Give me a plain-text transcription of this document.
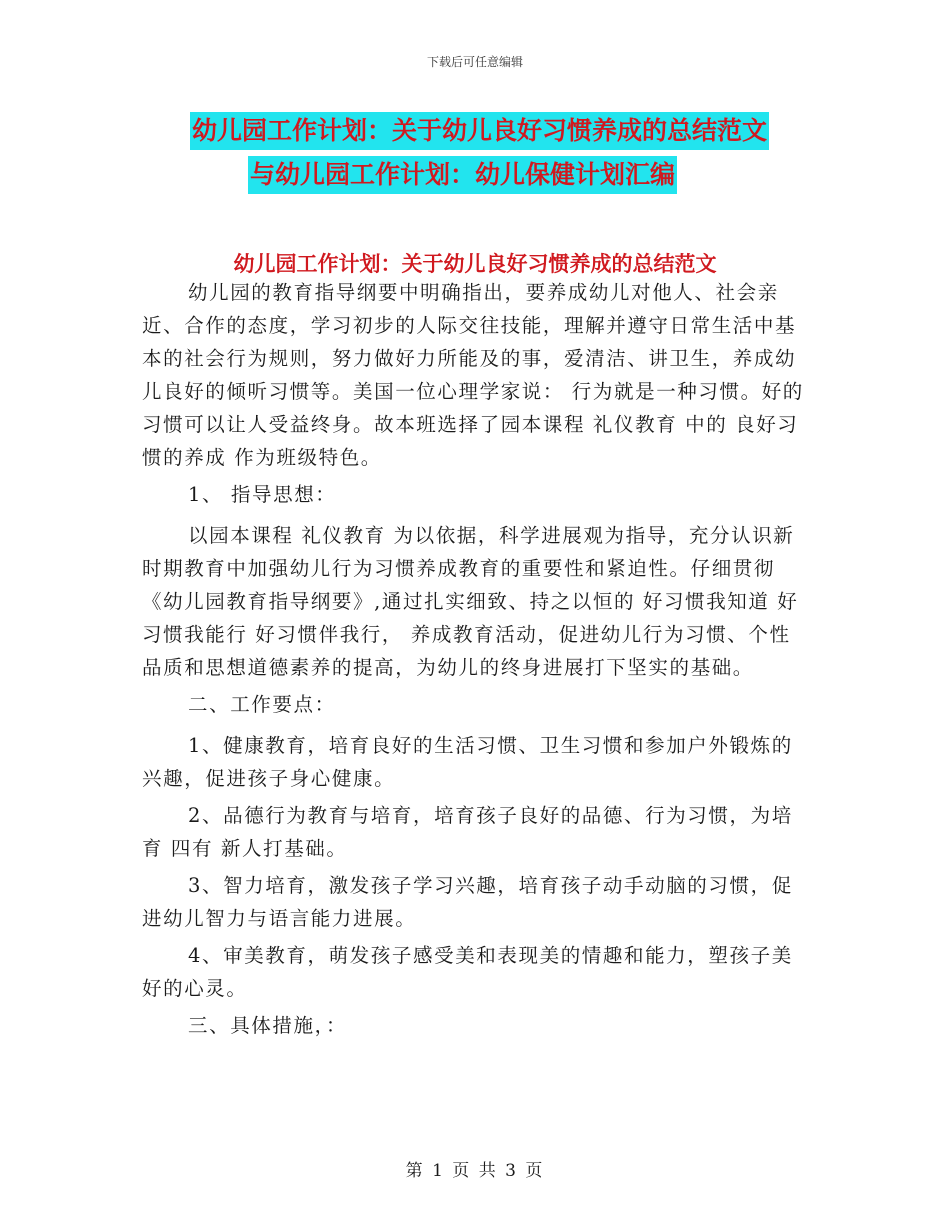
下载后可任意编辑
幼儿园工作计划：关于幼儿良好习惯养成的总结范文
与幼儿园工作计划：幼儿保健计划汇编
幼儿园工作计划：关于幼儿良好习惯养成的总结范文

幼儿园的教育指导纲要中明确指出，要养成幼儿对他人、社会亲近、合作的态度，学习初步的人际交往技能，理解并遵守日常生活中基本的社会行为规则，努力做好力所能及的事，爱清洁、讲卫生，养成幼儿良好的倾听习惯等。美国一位心理学家说： 行为就是一种习惯。好的习惯可以让人受益终身。故本班选择了园本课程 礼仪教育 中的 良好习惯的养成 作为班级特色。

1、 指导思想：

以园本课程 礼仪教育 为以依据，科学进展观为指导，充分认识新时期教育中加强幼儿行为习惯养成教育的重要性和紧迫性。仔细贯彻《幼儿园教育指导纲要》,通过扎实细致、持之以恒的 好习惯我知道 好习惯我能行 好习惯伴我行， 养成教育活动，促进幼儿行为习惯、个性品质和思想道德素养的提高，为幼儿的终身进展打下坚实的基础。

二、工作要点：

1、健康教育，培育良好的生活习惯、卫生习惯和参加户外锻炼的兴趣，促进孩子身心健康。

2、品德行为教育与培育，培育孩子良好的品德、行为习惯，为培育 四有 新人打基础。

3、智力培育，激发孩子学习兴趣，培育孩子动手动脑的习惯，促进幼儿智力与语言能力进展。

4、审美教育，萌发孩子感受美和表现美的情趣和能力，塑孩子美好的心灵。

三、具体措施，：

第 1 页 共 3 页
